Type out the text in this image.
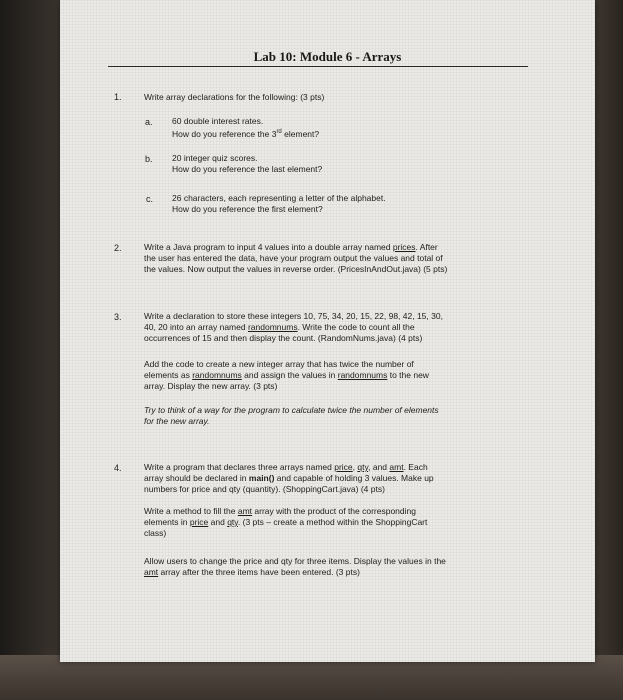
Lab 10: Module 6 - Arrays
1.	Write array declarations for the following: (3 pts)
a. 60 double interest rates.
How do you reference the 3rd element?
b. 20 integer quiz scores.
How do you reference the last element?
c. 26 characters, each representing a letter of the alphabet.
How do you reference the first element?
2.	Write a Java program to input 4 values into a double array named prices. After
the user has entered the data, have your program output the values and total of
the values. Now output the values in reverse order. (PricesInAndOut.java) (5 pts)
3.	Write a declaration to store these integers 10, 75, 34, 20, 15, 22, 98, 42, 15, 30,
40, 20 into an array named randomnums. Write the code to count all the
occurrences of 15 and then display the count. (RandomNums.java) (4 pts)
Add the code to create a new integer array that has twice the number of
elements as randomnums and assign the values in randomnums to the new
array. Display the new array. (3 pts)
Try to think of a way for the program to calculate twice the number of elements
for the new array.
4.	Write a program that declares three arrays named price, qty, and amt. Each
array should be declared in main() and capable of holding 3 values. Make up
numbers for price and qty (quantity). (ShoppingCart.java) (4 pts)
Write a method to fill the amt array with the product of the corresponding
elements in price and qty. (3 pts – create a method within the ShoppingCart
class)
Allow users to change the price and qty for three items. Display the values in the
amt array after the three items have been entered. (3 pts)
